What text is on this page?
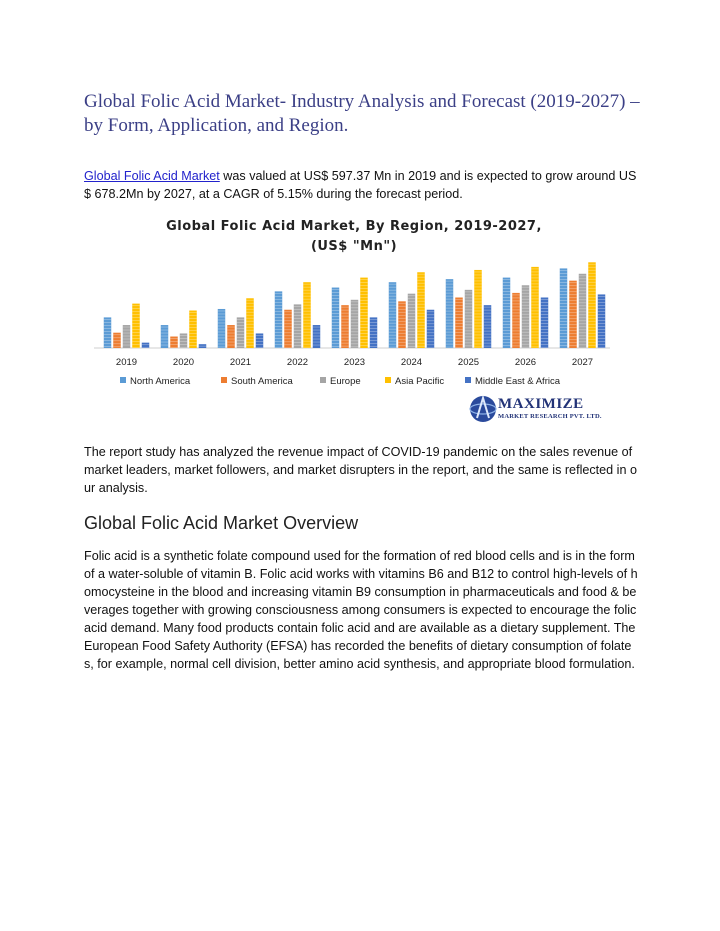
Global Folic Acid Market- Industry Analysis and Forecast (2019-2027) – by Form, Application, and Region.

Global Folic Acid Market was valued at US$ 597.37 Mn in 2019 and is expected to grow around US$ 678.2Mn by 2027, at a CAGR of 5.15% during the forecast period.

Global Folic Acid Market, By Region, 2019-2027,
(US$ "Mn")
2019	2020	2021	2022	2023	2024	2025	2026	2027
North America	South America	Europe	Asia Pacific	Middle East & Africa
MAXIMIZE
MARKET RESEARCH PVT. LTD.

The report study has analyzed the revenue impact of COVID-19 pandemic on the sales revenue of market leaders, market followers, and market disrupters in the report, and the same is reflected in our analysis.

Global Folic Acid Market Overview

Folic acid is a synthetic folate compound used for the formation of red blood cells and is in the form of a water-soluble of vitamin B. Folic acid works with vitamins B6 and B12 to control high-levels of homocysteine in the blood and increasing vitamin B9 consumption in pharmaceuticals and food & beverages together with growing consciousness among consumers is expected to encourage the folic acid demand. Many food products contain folic acid and are available as a dietary supplement. The European Food Safety Authority (EFSA) has recorded the benefits of dietary consumption of folates, for example, normal cell division, better amino acid synthesis, and appropriate blood formulation.
